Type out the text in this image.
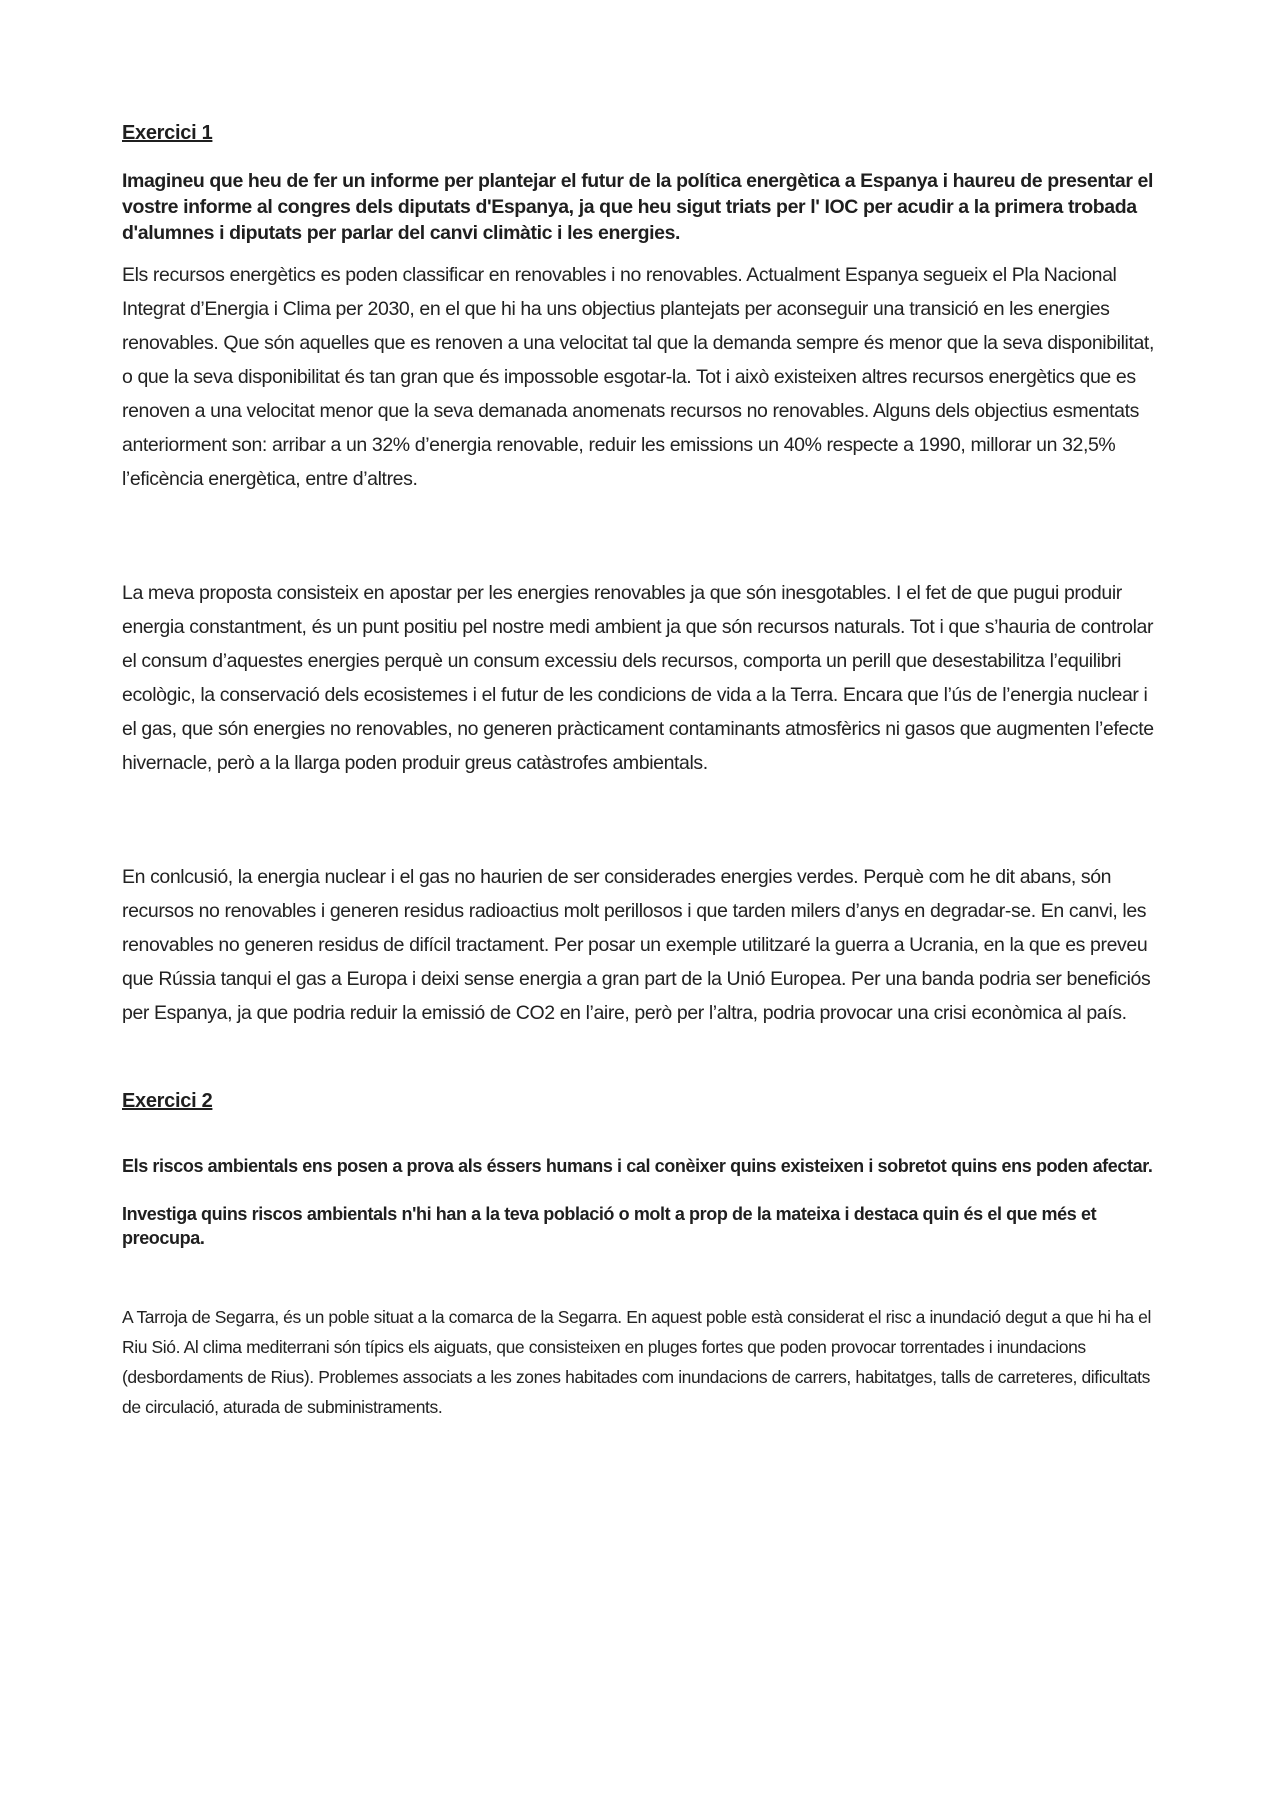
Exercici 1

Imagineu que heu de fer un informe per plantejar el futur de la política energètica a Espanya i haureu de presentar el vostre informe al congres dels diputats d'Espanya, ja que heu sigut triats per l' IOC per acudir a la primera trobada d'alumnes i diputats per parlar del canvi climàtic i les energies.

Els recursos energètics es poden classificar en renovables i no renovables. Actualment Espanya segueix el Pla Nacional Integrat d’Energia i Clima per 2030, en el que hi ha uns objectius plantejats per aconseguir una transició en les energies renovables. Que són aquelles que es renoven a una velocitat tal que la demanda sempre és menor que la seva disponibilitat, o que la seva disponibilitat és tan gran que és impossoble esgotar-la. Tot i això existeixen altres recursos energètics que es renoven a una velocitat menor que la seva demanada anomenats recursos no renovables. Alguns dels objectius esmentats anteriorment son: arribar a un 32% d’energia renovable, reduir les emissions un 40% respecte a 1990, millorar un 32,5% l’eficència energètica, entre d’altres.

La meva proposta consisteix en apostar per les energies renovables ja que són inesgotables. I el fet de que pugui produir energia constantment, és un punt positiu pel nostre medi ambient ja que són recursos naturals. Tot i que s’hauria de controlar el consum d’aquestes energies perquè un consum excessiu dels recursos, comporta un perill que desestabilitza l’equilibri ecològic, la conservació dels ecosistemes i el futur de les condicions de vida a la Terra. Encara que l’ús de l’energia nuclear i el gas, que són energies no renovables, no generen pràcticament contaminants atmosfèrics ni gasos que augmenten l’efecte hivernacle, però a la llarga poden produir greus catàstrofes ambientals.

En conlcusió, la energia nuclear i el gas no haurien de ser considerades energies verdes. Perquè com he dit abans, són recursos no renovables i generen residus radioactius molt perillosos i que tarden milers d’anys en degradar-se. En canvi, les renovables no generen residus de difícil tractament. Per posar un exemple utilitzaré la guerra a Ucrania, en la que es preveu que Rússia tanqui el gas a Europa i deixi sense energia a gran part de la Unió Europea. Per una banda podria ser beneficiós per Espanya, ja que podria reduir la emissió de CO2 en l’aire, però per l’altra, podria provocar una crisi econòmica al país.

Exercici 2

Els riscos ambientals ens posen a prova als éssers humans i cal conèixer quins existeixen i sobretot quins ens poden afectar.

Investiga quins riscos ambientals n'hi han a la teva població o molt a prop de la mateixa i destaca quin és el que més et preocupa.

A Tarroja de Segarra, és un poble situat a la comarca de la Segarra. En aquest poble està considerat el risc a inundació degut a que hi ha el Riu Sió. Al clima mediterrani són típics els aiguats, que consisteixen en pluges fortes que poden provocar torrentades i inundacions (desbordaments de Rius). Problemes associats a les zones habitades com inundacions de carrers, habitatges, talls de carreteres, dificultats de circulació, aturada de subministraments.
